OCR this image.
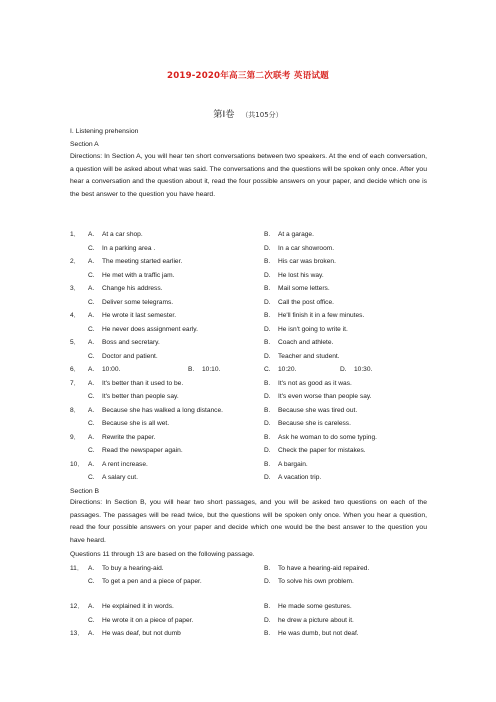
2019-2020年高三第二次联考 英语试题
第Ⅰ卷 （共105分）
I. Listening prehension
Section A
Directions: In Section A, you will hear ten short conversations between two speakers. At the end of each conversation, a question will be asked about what was said. The conversations and the questions will be spoken only once. After you hear a conversation and the question about it, read the four possible answers on your paper, and decide which one is the best answer to the question you have heard.
1． A. At a car shop.	B. At a garage.
C. In a parking area .	D. In a car showroom.
2． A. The meeting started earlier.	B. His car was broken.
C. He met with a traffic jam.	D. He lost his way.
3． A. Change his address.	B. Mail some letters.
C. Deliver some telegrams.	D. Call the post office.
4． A. He wrote it last semester.	B. He'll finish it in a few minutes.
C. He never does assignment early.	D. He isn't going to write it.
5． A. Boss and secretary.	B. Coach and athlete.
C. Doctor and patient.	D. Teacher and student.
6． A. 10:00.	B. 10:10.	C. 10:20.	D. 10:30.
7． A. It's better than it used to be.	B. It's not as good as it was.
C. It's better than people say.	D. It's even worse than people say.
8． A. Because she has walked a long distance.	B. Because she was tired out.
C. Because she is all wet.	D. Because she is careless.
9． A. Rewrite the paper.	B. Ask he woman to do some typing.
C. Read the newspaper again.	D. Check the paper for mistakes.
10． A. A rent increase.	B. A bargain.
C. A salary cut.	D. A vacation trip.
Section B
Directions: In Section B, you will hear two short passages, and you will be asked two questions on each of the passages. The passages will be read twice, but the questions will be spoken only once. When you hear a question, read the four possible answers on your paper and decide which one would be the best answer to the question you have heard.
Questions 11 through 13 are based on the following passage.
11． A. To buy a hearing-aid.	B. To have a hearing-aid repaired.
C. To get a pen and a piece of paper.	D. To solve his own problem.
12． A. He explained it in words.	B. He made some gestures.
C. He wrote it on a piece of paper.	D. he drew a picture about it.
13． A. He was deaf, but not dumb	B. He was dumb, but not deaf.
